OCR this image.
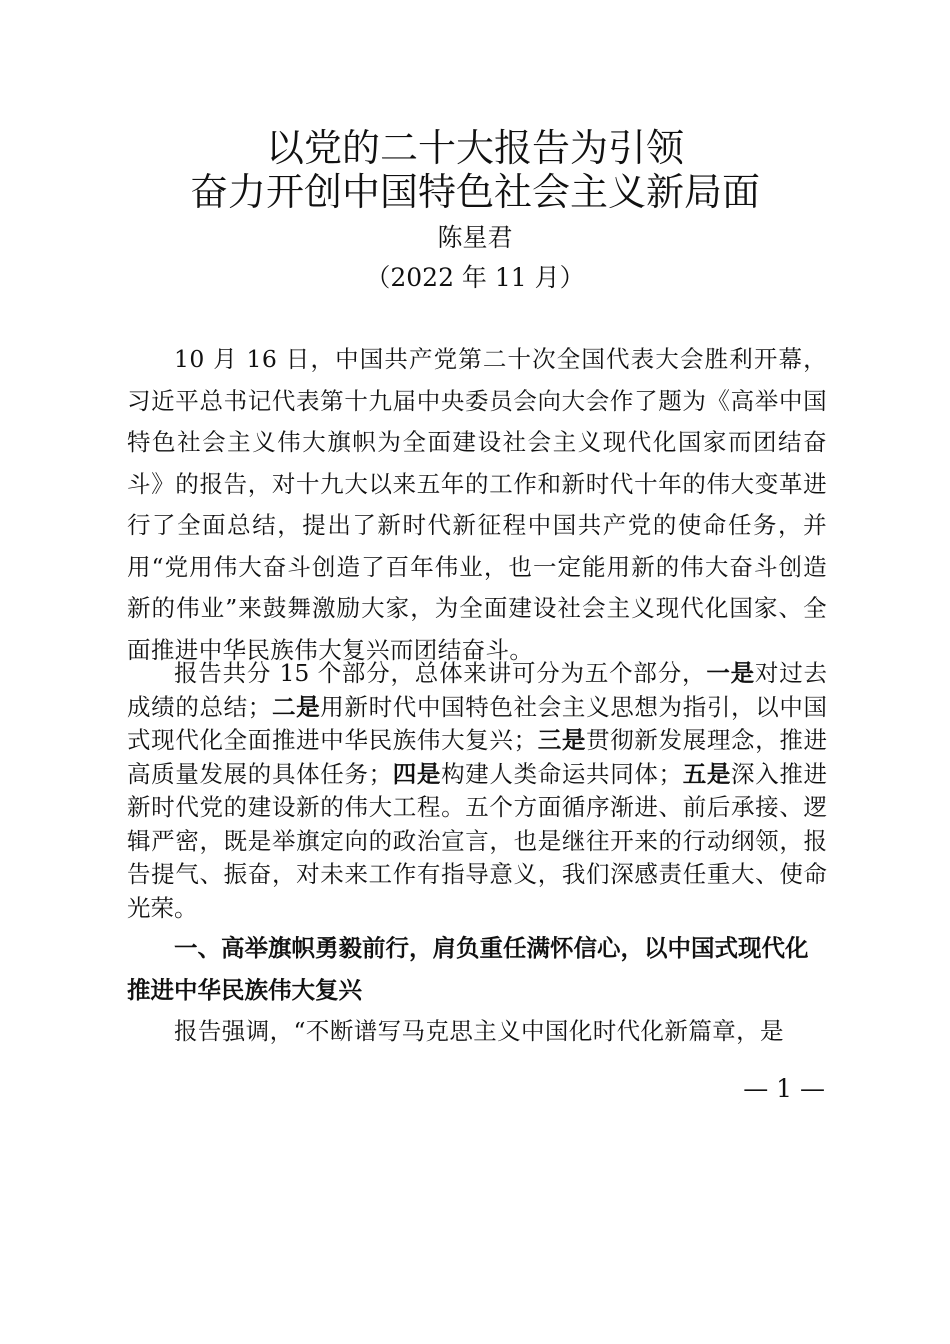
以党的二十大报告为引领
奋力开创中国特色社会主义新局面
陈星君
（2022 年 11 月）

10 月 16 日，中国共产党第二十次全国代表大会胜利开幕，习近平总书记代表第十九届中央委员会向大会作了题为《高举中国特色社会主义伟大旗帜为全面建设社会主义现代化国家而团结奋斗》的报告，对十九大以来五年的工作和新时代十年的伟大变革进行了全面总结，提出了新时代新征程中国共产党的使命任务，并用“党用伟大奋斗创造了百年伟业，也一定能用新的伟大奋斗创造新的伟业”来鼓舞激励大家，为全面建设社会主义现代化国家、全面推进中华民族伟大复兴而团结奋斗。

报告共分 15 个部分，总体来讲可分为五个部分，一是对过去成绩的总结；二是用新时代中国特色社会主义思想为指引，以中国式现代化全面推进中华民族伟大复兴；三是贯彻新发展理念，推进高质量发展的具体任务；四是构建人类命运共同体；五是深入推进新时代党的建设新的伟大工程。五个方面循序渐进、前后承接、逻辑严密，既是举旗定向的政治宣言，也是继往开来的行动纲领，报告提气、振奋，对未来工作有指导意义，我们深感责任重大、使命光荣。

一、高举旗帜勇毅前行，肩负重任满怀信心，以中国式现代化推进中华民族伟大复兴

报告强调，“不断谱写马克思主义中国化时代化新篇章，是

— 1 —
